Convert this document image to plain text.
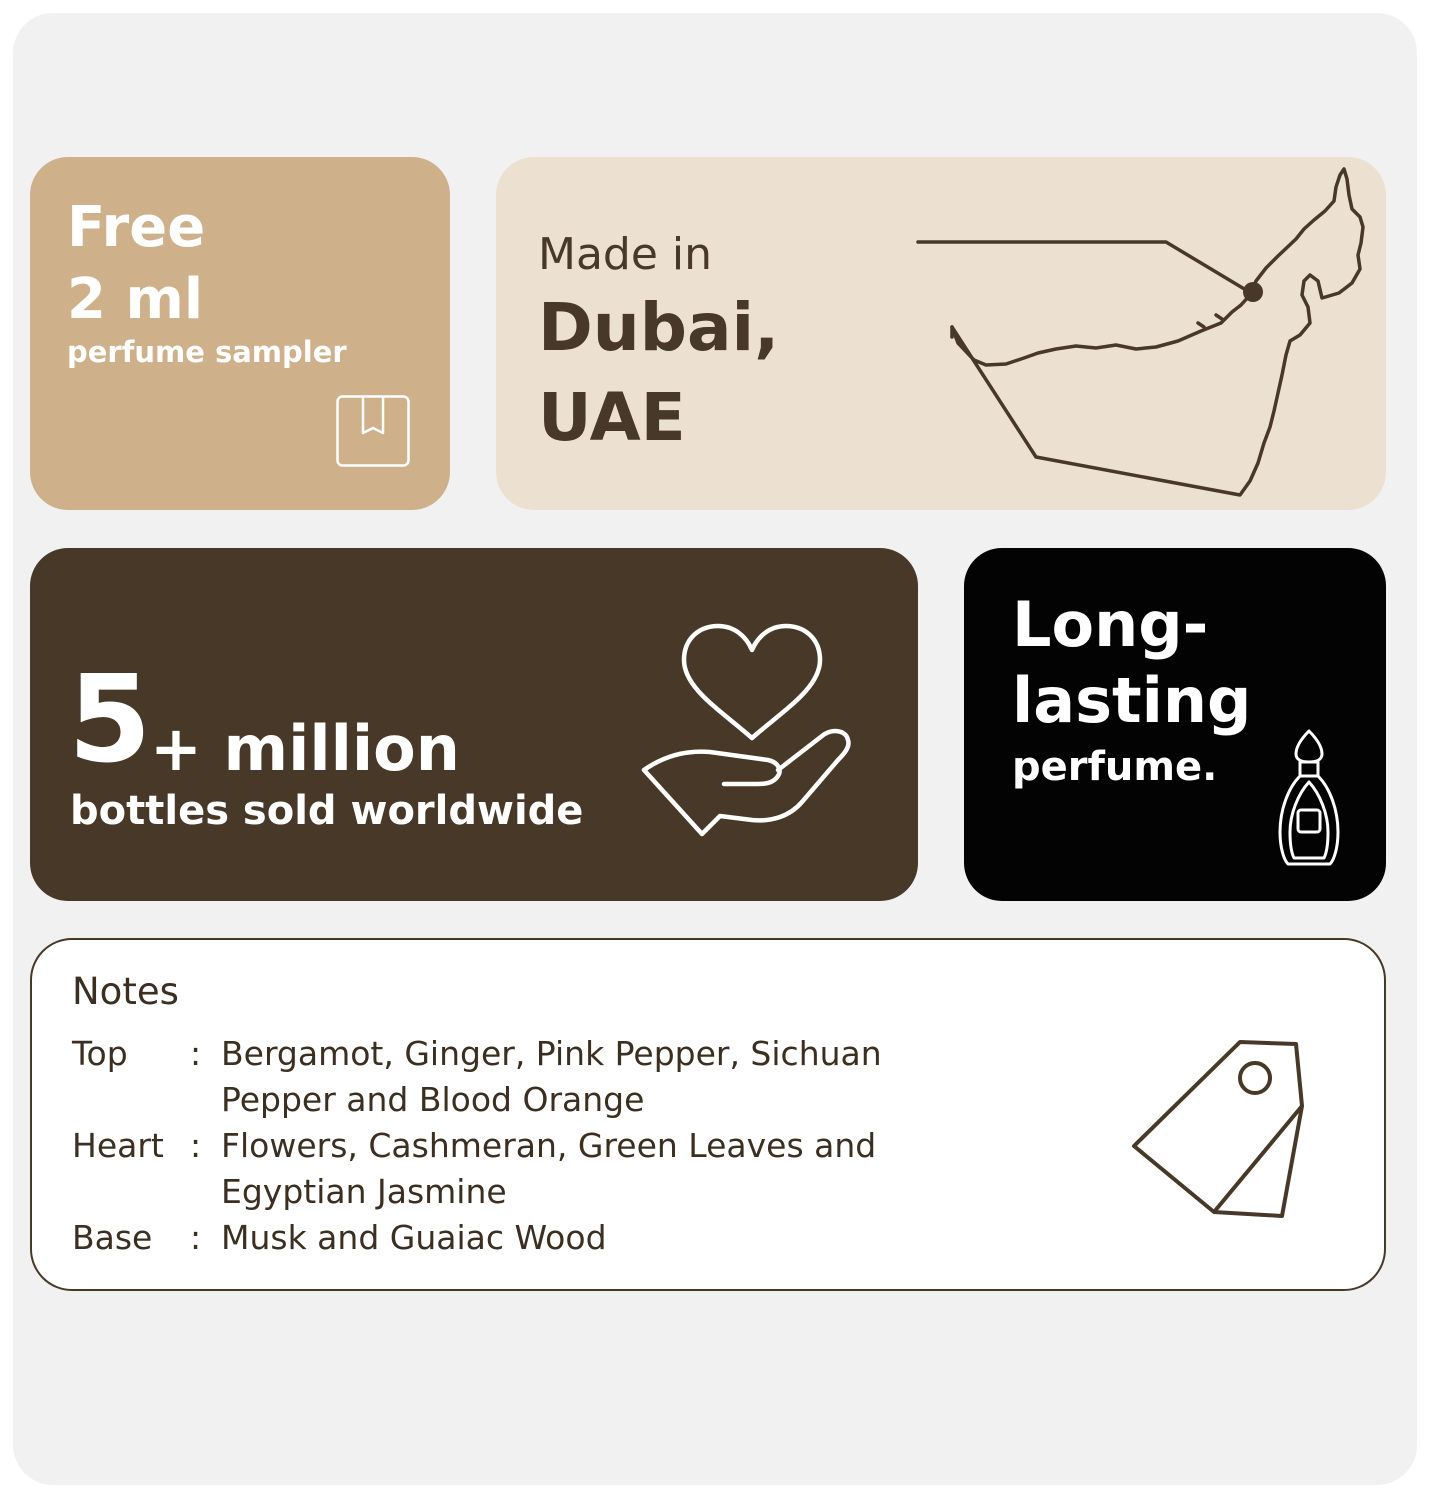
Free
2 ml
perfume sampler
Made in
Dubai,
UAE
5
+ million
bottles sold worldwide
Long-
lasting
perfume.
Notes
Top	: Bergamot, Ginger, Pink Pepper, Sichuan
Pepper and Blood Orange
Heart : Flowers, Cashmeran, Green Leaves and
Egyptian Jasmine
Base	: Musk and Guaiac Wood
